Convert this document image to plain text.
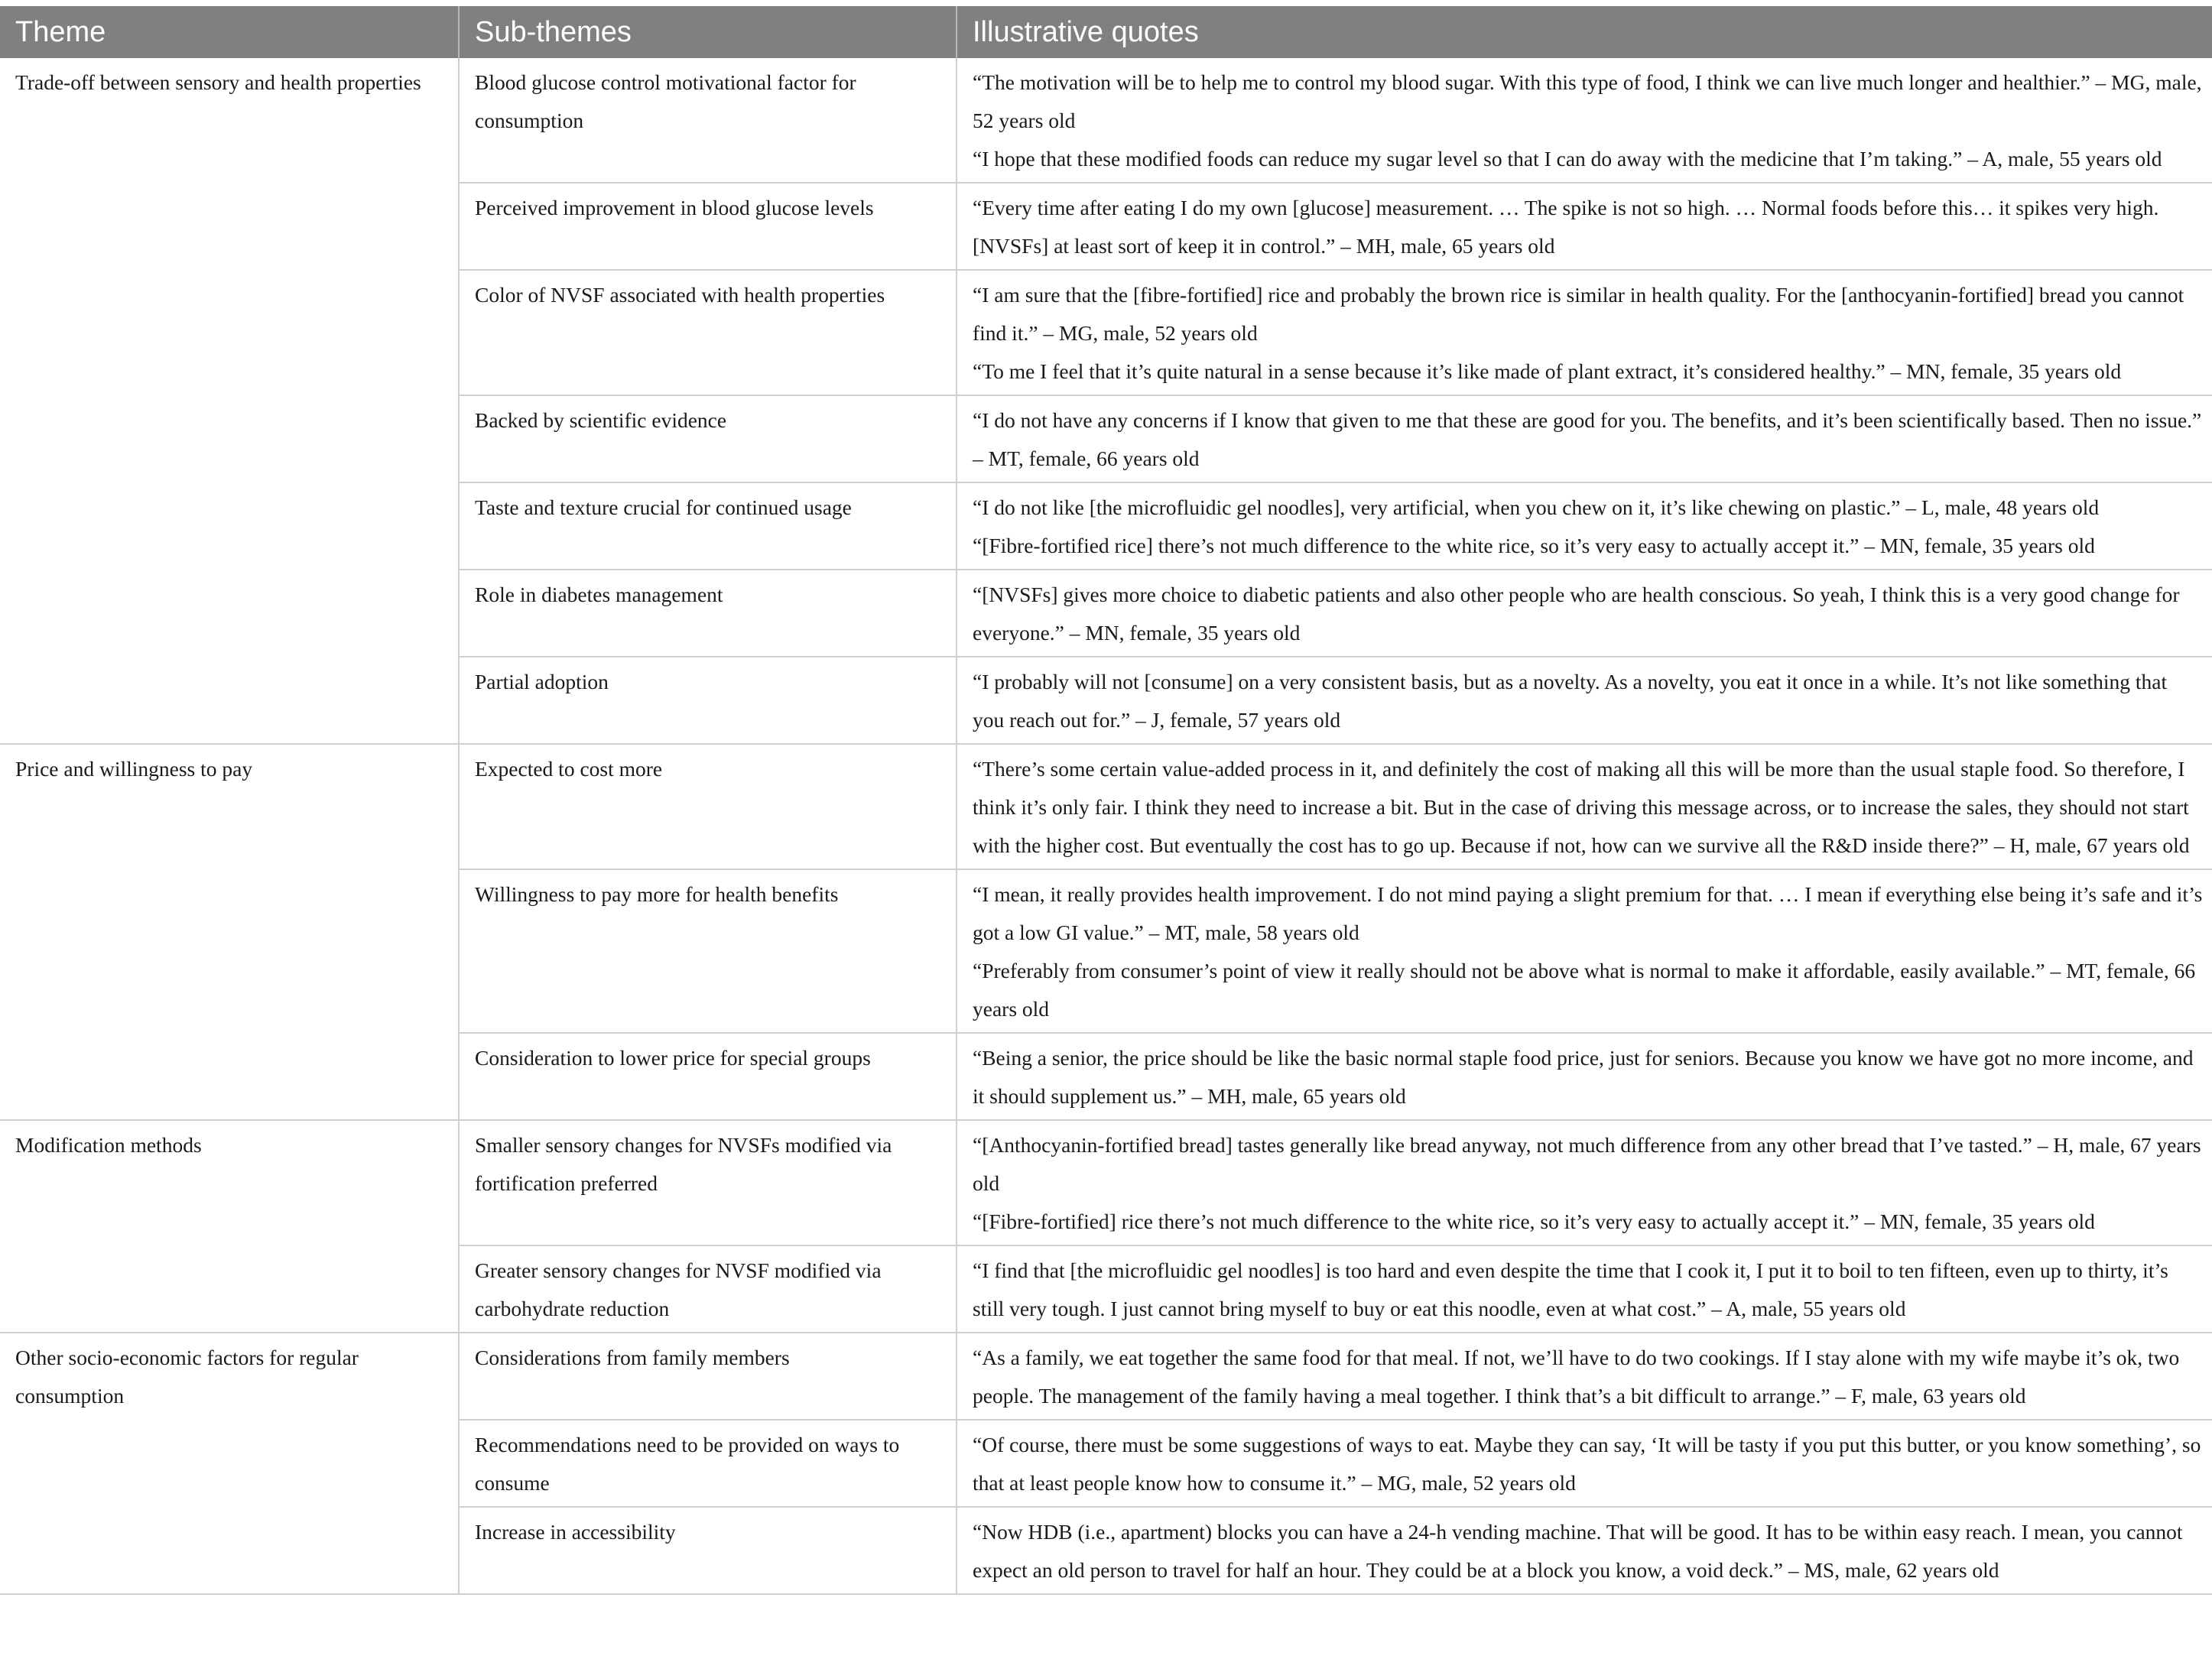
Theme	Sub-themes	Illustrative quotes
Trade-off between sensory and health properties	Blood glucose control motivational factor for consumption	“The motivation will be to help me to control my blood sugar. With this type of food, I think we can live much longer and healthier.” – MG, male, 52 years old
“I hope that these modified foods can reduce my sugar level so that I can do away with the medicine that I’m taking.” – A, male, 55 years old

	Perceived improvement in blood glucose levels	“Every time after eating I do my own [glucose] measurement. … The spike is not so high. … Normal foods before this… it spikes very high. [NVSFs] at least sort of keep it in control.” – MH, male, 65 years old

	Color of NVSF associated with health properties	“I am sure that the [fibre-fortified] rice and probably the brown rice is similar in health quality. For the [anthocyanin-fortified] bread you cannot find it.” – MG, male, 52 years old
“To me I feel that it’s quite natural in a sense because it’s like made of plant extract, it’s considered healthy.” – MN, female, 35 years old

	Backed by scientific evidence	“I do not have any concerns if I know that given to me that these are good for you. The benefits, and it’s been scientifically based. Then no issue.” – MT, female, 66 years old

	Taste and texture crucial for continued usage	“I do not like [the microfluidic gel noodles], very artificial, when you chew on it, it’s like chewing on plastic.” – L, male, 48 years old
“[Fibre-fortified rice] there’s not much difference to the white rice, so it’s very easy to actually accept it.” – MN, female, 35 years old

	Role in diabetes management	“[NVSFs] gives more choice to diabetic patients and also other people who are health conscious. So yeah, I think this is a very good change for everyone.” – MN, female, 35 years old

	Partial adoption	“I probably will not [consume] on a very consistent basis, but as a novelty. As a novelty, you eat it once in a while. It’s not like something that you reach out for.” – J, female, 57 years old

Price and willingness to pay	Expected to cost more	“There’s some certain value-added process in it, and definitely the cost of making all this will be more than the usual staple food. So therefore, I think it’s only fair. I think they need to increase a bit. But in the case of driving this message across, or to increase the sales, they should not start with the higher cost. But eventually the cost has to go up. Because if not, how can we survive all the R&D inside there?” – H, male, 67 years old

	Willingness to pay more for health benefits	“I mean, it really provides health improvement. I do not mind paying a slight premium for that. … I mean if everything else being it’s safe and it’s got a low GI value.” – MT, male, 58 years old
“Preferably from consumer’s point of view it really should not be above what is normal to make it affordable, easily available.” – MT, female, 66 years old

	Consideration to lower price for special groups	“Being a senior, the price should be like the basic normal staple food price, just for seniors. Because you know we have got no more income, and it should supplement us.” – MH, male, 65 years old

Modification methods	Smaller sensory changes for NVSFs modified via fortification preferred	“[Anthocyanin-fortified bread] tastes generally like bread anyway, not much difference from any other bread that I’ve tasted.” – H, male, 67 years old
“[Fibre-fortified] rice there’s not much difference to the white rice, so it’s very easy to actually accept it.” – MN, female, 35 years old

	Greater sensory changes for NVSF modified via carbohydrate reduction	“I find that [the microfluidic gel noodles] is too hard and even despite the time that I cook it, I put it to boil to ten fifteen, even up to thirty, it’s still very tough. I just cannot bring myself to buy or eat this noodle, even at what cost.” – A, male, 55 years old

Other socio-economic factors for regular consumption	Considerations from family members	“As a family, we eat together the same food for that meal. If not, we’ll have to do two cookings. If I stay alone with my wife maybe it’s ok, two people. The management of the family having a meal together. I think that’s a bit difficult to arrange.” – F, male, 63 years old

	Recommendations need to be provided on ways to consume	“Of course, there must be some suggestions of ways to eat. Maybe they can say, ‘It will be tasty if you put this butter, or you know something’, so that at least people know how to consume it.” – MG, male, 52 years old

	Increase in accessibility	“Now HDB (i.e., apartment) blocks you can have a 24-h vending machine. That will be good. It has to be within easy reach. I mean, you cannot expect an old person to travel for half an hour. They could be at a block you know, a void deck.” – MS, male, 62 years old
